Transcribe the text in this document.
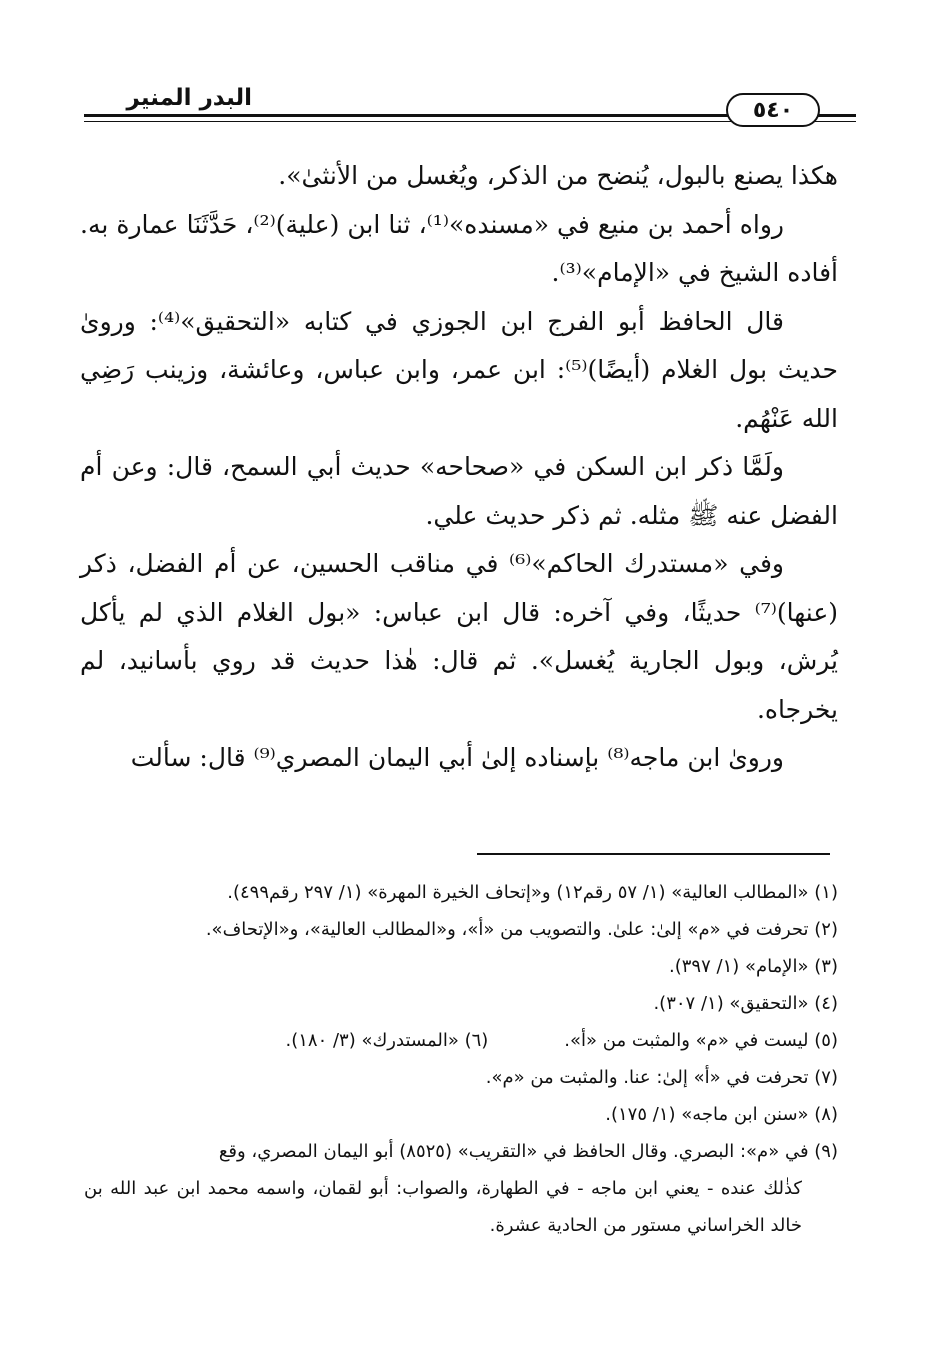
البدر المنير	٥٤٠

هكذا يصنع بالبول، يُنضح من الذكر، ويُغسل من الأنثىٰ».

رواه أحمد بن منيع في «مسنده»⁽¹⁾، ثنا ابن (علية)⁽²⁾، حَدَّثَنَا عمارة به. أفاده الشيخ في «الإمام»⁽³⁾.

قال الحافظ أبو الفرج ابن الجوزي في كتابه «التحقيق»⁽⁴⁾: وروىٰ حديث بول الغلام (أيضًا)⁽⁵⁾: ابن عمر، وابن عباس، وعائشة، وزينب رَضِي الله عَنْهُم.

ولَمَّا ذكر ابن السكن في «صحاحه» حديث أبي السمح، قال: وعن أم الفضل عنه ﷺ مثله. ثم ذكر حديث علي.

وفي «مستدرك الحاكم»⁽⁶⁾ في مناقب الحسين، عن أم الفضل، ذكر (عنها)⁽⁷⁾ حديثًا، وفي آخره: قال ابن عباس: «بول الغلام الذي لم يأكل يُرش، وبول الجارية يُغسل». ثم قال: هٰذا حديث قد روي بأسانيد، لم يخرجاه.

وروىٰ ابن ماجه⁽⁸⁾ بإسناده إلىٰ أبي اليمان المصري⁽⁹⁾ قال: سألت

(١) «المطالب العالية» (١/ ٥٧ رقم١٢) و«إتحاف الخيرة المهرة» (١/ ٢٩٧ رقم٤٩٩).
(٢) تحرفت في «م» إلىٰ: علىٰ. والتصويب من «أ»، و«المطالب العالية»، و«الإتحاف».
(٣) «الإمام» (١/ ٣٩٧).
(٤) «التحقيق» (١/ ٣٠٧).
(٥) ليست في «م» والمثبت من «أ».
(٦) «المستدرك» (٣/ ١٨٠).
(٧) تحرفت في «أ» إلىٰ: عنا. والمثبت من «م».
(٨) «سنن ابن ماجه» (١/ ١٧٥).
(٩) في «م»: البصري. وقال الحافظ في «التقريب» (٨٥٢٥) أبو اليمان المصري، وقع
كذٰلك عنده - يعني ابن ماجه - في الطهارة، والصواب: أبو لقمان، واسمه محمد ابن عبد الله بن خالد الخراساني مستور من الحادية عشرة.
